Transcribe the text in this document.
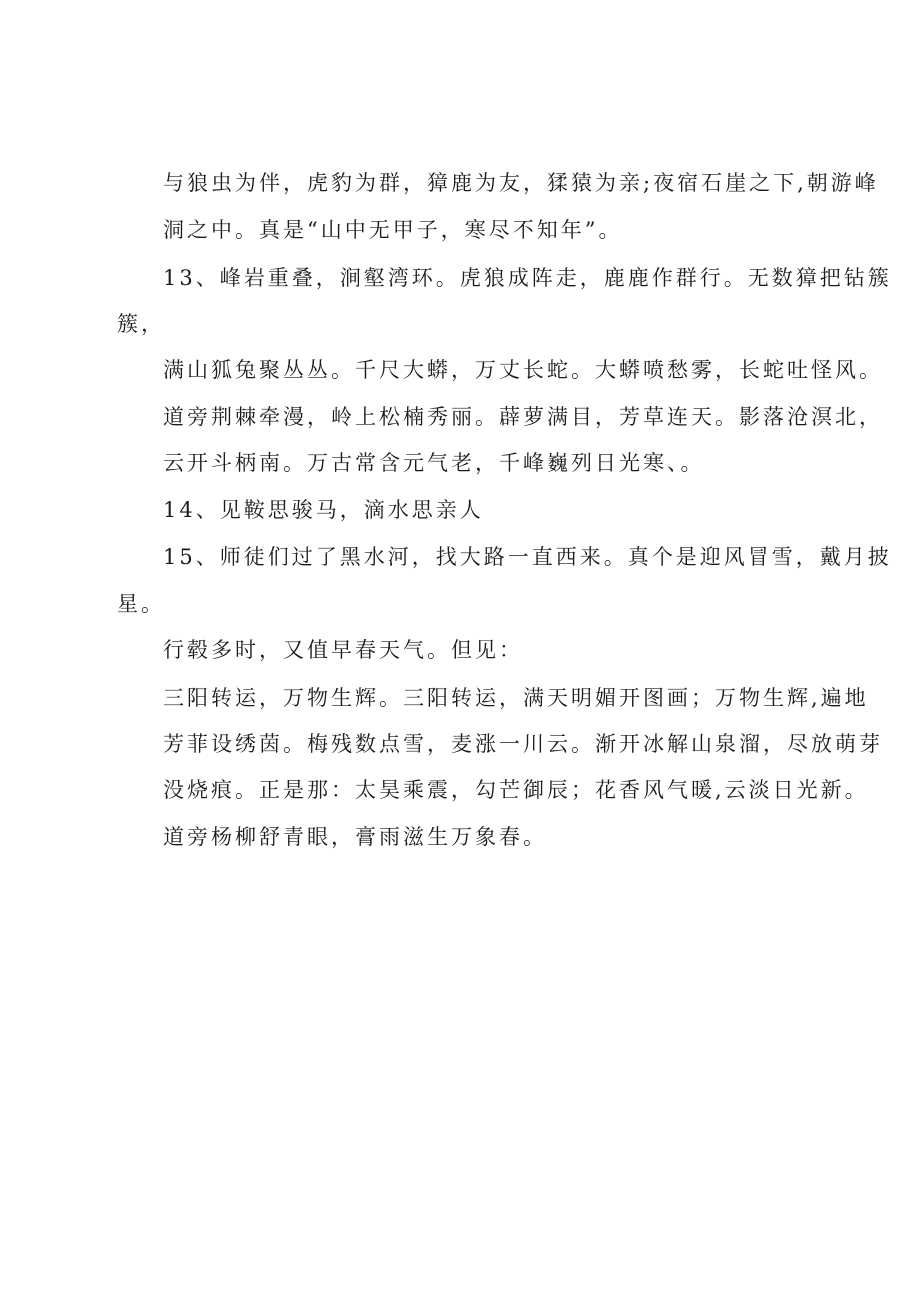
与狼虫为伴，虎豹为群，獐鹿为友，猱猿为亲;夜宿石崖之下,朝游峰
洞之中。真是“山中无甲子，寒尽不知年”。
13、峰岩重叠，涧壑湾环。虎狼成阵走，鹿鹿作群行。无数獐把钻簇
簇，
满山狐兔聚丛丛。千尺大蟒，万丈长蛇。大蟒喷愁雾，长蛇吐怪风。
道旁荆棘牵漫，岭上松楠秀丽。薜萝满目，芳草连天。影落沧溟北，
云开斗柄南。万古常含元气老，千峰巍列日光寒、。
14、见鞍思骏马，滴水思亲人
15、师徒们过了黑水河，找大路一直西来。真个是迎风冒雪，戴月披
星。
行毂多时，又值早春天气。但见：
三阳转运，万物生辉。三阳转运，满天明媚开图画；万物生辉,遍地
芳菲设绣茵。梅残数点雪，麦涨一川云。渐开冰解山泉溜，尽放萌芽
没烧痕。正是那：太昊乘震，勾芒御辰；花香风气暖,云淡日光新。
道旁杨柳舒青眼，膏雨滋生万象春。
